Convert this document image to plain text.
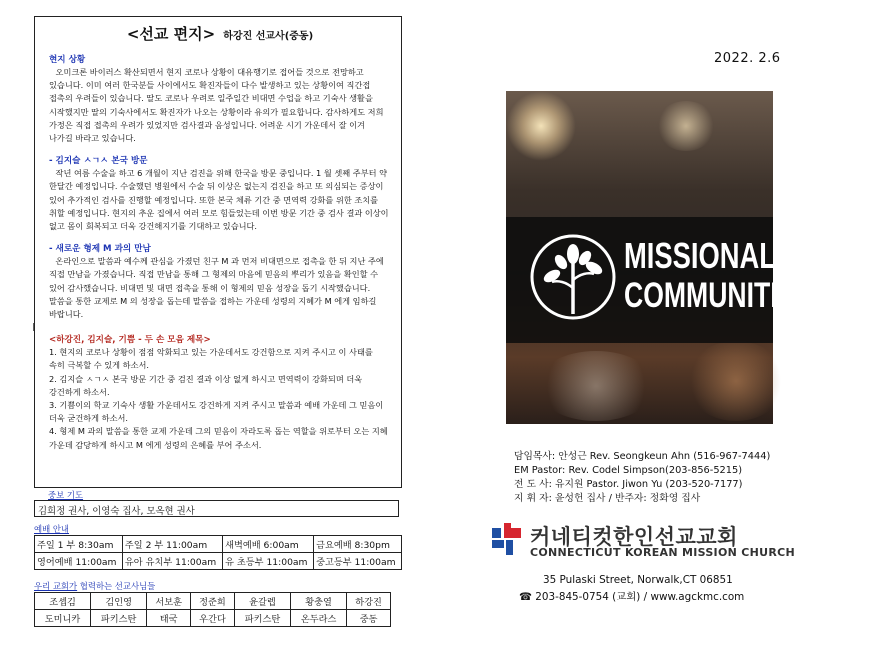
<선교 편지> 하강진 선교사(중동)
현지 상황

오미크론 바이러스 확산되면서 현지 코로나 상황이 대유행기로 접어들 것으로 전망하고 있습니다. 이미 여러 한국분들 사이에서도 확진자들이 다수 발생하고 있는 상황이여 직간접 접촉의 우려들이 있습니다. 딸도 코로나 우려로 일주일간 비대면 수업을 하고 기숙사 생활을 시작했지만 딸의 기숙사에서도 확진자가 나오는 상황이라 유의가 필요합니다. 감사하게도 저희 가정은 직접 접촉의 우려가 있었지만 검사결과 음성입니다. 어려운 시기 가운데서 잘 이겨 나가길 바라고 있습니다.

- 김지슬 ㅅㄱㅅ 본국 방문

작년 여름 수술을 하고 6 개월이 지난 검진을 위해 한국을 방문 중입니다. 1 월 셋째 주부터 약 한달간 예정입니다. 수술했던 병원에서 수술 뒤 이상은 없는지 검진을 하고 또 의심되는 증상이 있어 추가적인 검사를 진행할 예정입니다. 또한 본국 체류 기간 중 면역력 강화를 위한 조치를 취할 예정입니다. 현지의 추운 집에서 여러 모로 힘들었는데 이번 방문 기간 중 검사 결과 이상이 없고 몸이 회복되고 더욱 강건해지기를 기대하고 있습니다.

- 새로운 형제 M 과의 만남

온라인으로 말씀과 예수께 관심을 가졌던 친구 M 과 먼저 비대면으로 접촉을 한 뒤 지난 주에 직접 만남을 가졌습니다. 직접 만남을 통해 그 형제의 마음에 믿음의 뿌리가 있음을 확인할 수 있어 감사했습니다. 비대면 및 대면 접촉을 통해 이 형제의 믿음 성장을 돕기 시작했습니다. 말씀을 통한 교제로 M 의 성장을 돕는데 말씀을 접하는 가운데 성령의 지혜가 M 에게 임하길 바랍니다.

|
<하강진, 김지슬, 기쁨 - 두 손 모음 제목>

1. 현지의 코로나 상황이 점점 악화되고 있는 가운데서도 강건함으로 지켜 주시고 이 사태를 속히 극복할 수 있게 하소서.

2. 김지슬 ㅅㄱㅅ 본국 방문 기간 중 검진 결과 이상 없게 하시고 면역력이 강화되며 더욱 강건하게 하소서.

3. 기쁨이의 학교 기숙사 생활 가운데서도 강건하게 지켜 주시고 말씀과 예배 가운데 그 믿음이 더욱 굳건하게 하소서.

4. 형제 M 과의 말씀을 통한 교제 가운데 그의 믿음이 자라도록 돕는 역할을 위로부터 오는 지혜 가운데 감당하게 하시고 M 에게 성령의 은혜를 부어 주소서.

중보 기도
김희정 권사, 이영숙 집사, 모옥현 권사
예배 안내
주일 1 부 8:30am	주일 2 부 11:00am	새벽예배 6:00am	금요예배 8:30pm
영어예배 11:00am	유아 유치부 11:00am	유 초등부 11:00am	중고등부 11:00am
우리 교회가 협력하는 선교사님들
조셉김	김인영	서보훈	정준희	윤갈렙	황충열	하강진
도미니카	파키스탄	태국	우간다	파키스탄	온두라스	중동
2022. 2.6
MISSIONAL
COMMUNITIES
담임목사: 안성근 Rev. Seongkeun Ahn (516-967-7444)
EM Pastor: Rev. Codel Simpson(203-856-5215)
전 도 사: 유지원 Pastor. Jiwon Yu (203-520-7177)
지 휘 자: 윤성헌 집사 / 반주자: 정화영 집사
커네티컷한인선교교회
CONNECTICUT KOREAN MISSION CHURCH
35 Pulaski Street, Norwalk,CT 06851
☎ 203-845-0754 (교회) / www.agckmc.com
